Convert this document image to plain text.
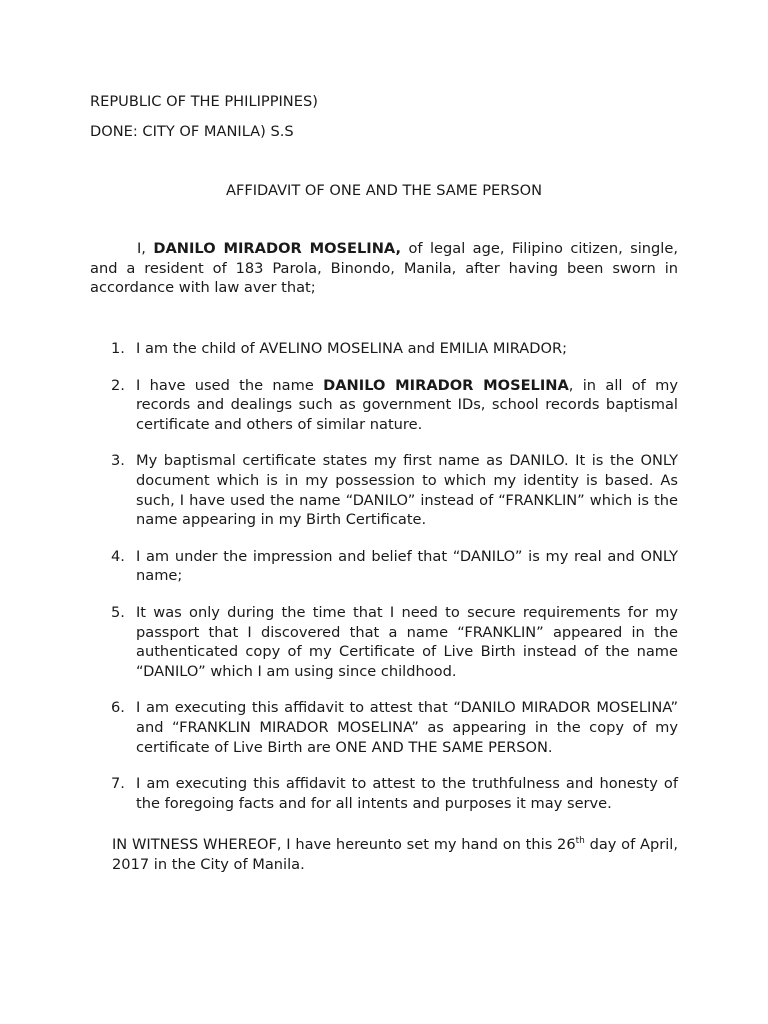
REPUBLIC OF THE PHILIPPINES)

DONE: CITY OF MANILA) S.S

AFFIDAVIT OF ONE AND THE SAME PERSON

I, DANILO MIRADOR MOSELINA, of legal age, Filipino citizen, single, and a resident of 183 Parola, Binondo, Manila, after having been sworn in accordance with law aver that;

1. I am the child of AVELINO MOSELINA and EMILIA MIRADOR;
2. I have used the name DANILO MIRADOR MOSELINA, in all of my records and dealings such as government IDs, school records baptismal certificate and others of similar nature.
3. My baptismal certificate states my first name as DANILO. It is the ONLY document which is in my possession to which my identity is based. As such, I have used the name “DANILO” instead of “FRANKLIN” which is the name appearing in my Birth Certificate.
4. I am under the impression and belief that “DANILO” is my real and ONLY name;
5. It was only during the time that I need to secure requirements for my passport that I discovered that a name “FRANKLIN” appeared in the authenticated copy of my Certificate of Live Birth instead of the name “DANILO” which I am using since childhood.
6. I am executing this affidavit to attest that “DANILO MIRADOR MOSELINA” and “FRANKLIN MIRADOR MOSELINA” as appearing in the copy of my certificate of Live Birth are ONE AND THE SAME PERSON.
7. I am executing this affidavit to attest to the truthfulness and honesty of the foregoing facts and for all intents and purposes it may serve.

IN WITNESS WHEREOF, I have hereunto set my hand on this 26th day of April, 2017 in the City of Manila.
